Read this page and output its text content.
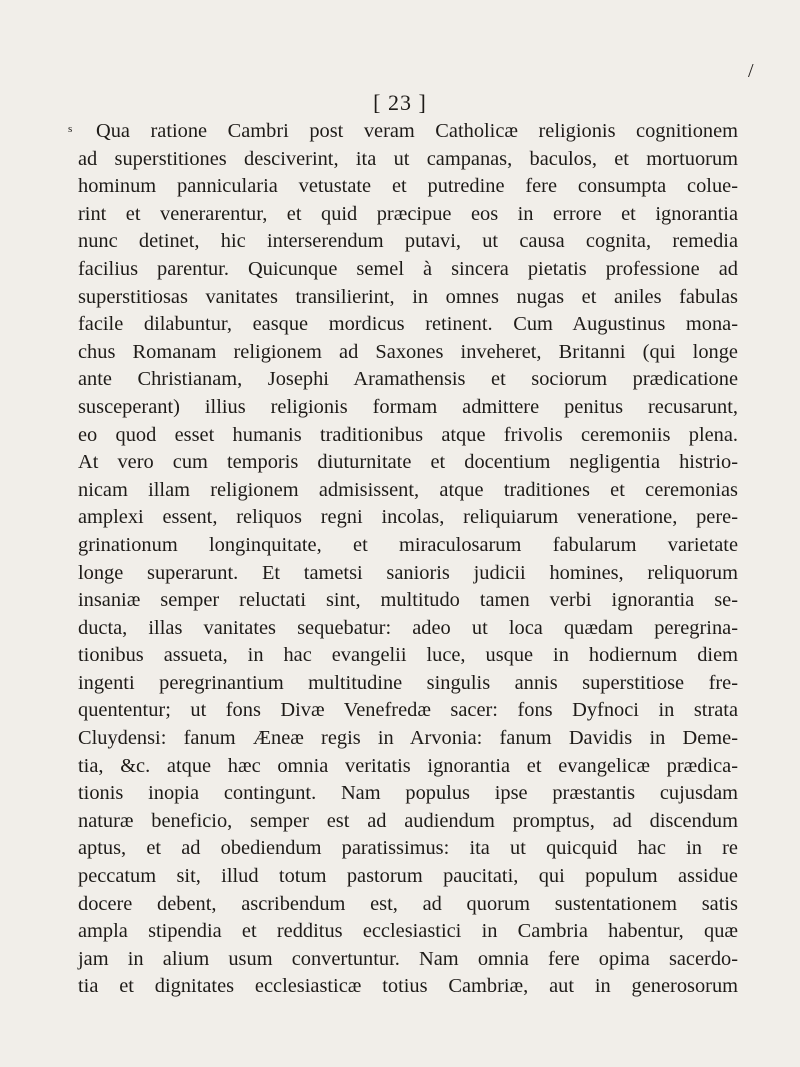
/
[ 23 ]
s	Qua ratione Cambri post veram Catholicæ religionis cognitionem
ad superstitiones desciverint, ita ut campanas, baculos, et mortuorum
hominum pannicularia vetustate et putredine fere consumpta colue-
rint et venerarentur, et quid præcipue eos in errore et ignorantia
nunc detinet, hic interserendum putavi, ut causa cognita, remedia
facilius parentur. Quicunque semel à sincera pietatis professione ad
superstitiosas vanitates transilierint, in omnes nugas et aniles fabulas
facile dilabuntur, easque mordicus retinent. Cum Augustinus mona-
chus Romanam religionem ad Saxones inveheret, Britanni (qui longe
ante Christianam, Josephi Aramathensis et sociorum prædicatione
susceperant) illius religionis formam admittere penitus recusarunt,
eo quod esset humanis traditionibus atque frivolis ceremoniis plena.
At vero cum temporis diuturnitate et docentium negligentia histrio-
nicam illam religionem admisissent, atque traditiones et ceremonias
amplexi essent, reliquos regni incolas, reliquiarum veneratione, pere-
grinationum longinquitate, et miraculosarum fabularum varietate
longe superarunt. Et tametsi sanioris judicii homines, reliquorum
insaniæ semper reluctati sint, multitudo tamen verbi ignorantia se-
ducta, illas vanitates sequebatur: adeo ut loca quædam peregrina-
tionibus assueta, in hac evangelii luce, usque in hodiernum diem
ingenti peregrinantium multitudine singulis annis superstitiose fre-
quententur; ut fons Divæ Venefredæ sacer: fons Dyfnoci in strata
Cluydensi: fanum Æneæ regis in Arvonia: fanum Davidis in Deme-
tia, &c. atque hæc omnia veritatis ignorantia et evangelicæ prædica-
tionis inopia contingunt. Nam populus ipse præstantis cujusdam
naturæ beneficio, semper est ad audiendum promptus, ad discendum
aptus, et ad obediendum paratissimus: ita ut quicquid hac in re
peccatum sit, illud totum pastorum paucitati, qui populum assidue
docere debent, ascribendum est, ad quorum sustentationem satis
ampla stipendia et redditus ecclesiastici in Cambria habentur, quæ
jam in alium usum convertuntur. Nam omnia fere opima sacerdo-
tia et dignitates ecclesiasticæ totius Cambriæ, aut in generosorum
